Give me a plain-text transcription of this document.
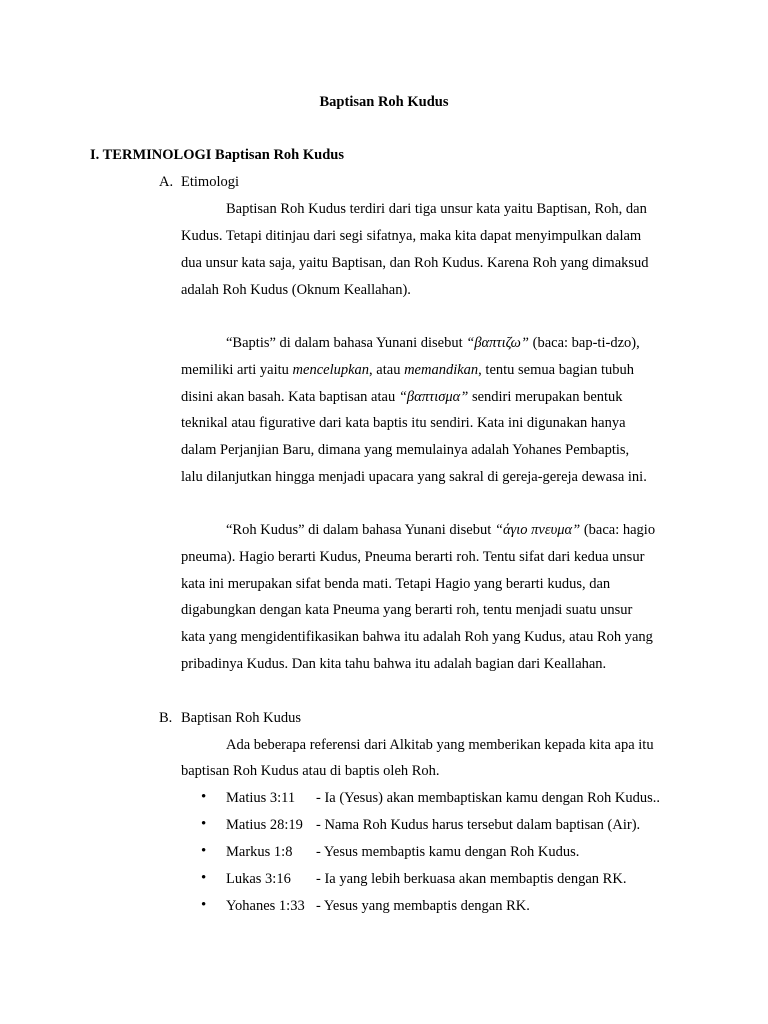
Baptisan Roh Kudus
I. TERMINOLOGI Baptisan Roh Kudus
A. Etimologi
Baptisan Roh Kudus terdiri dari tiga unsur kata yaitu Baptisan, Roh, dan
Kudus. Tetapi ditinjau dari segi sifatnya, maka kita dapat menyimpulkan dalam
dua unsur kata saja, yaitu Baptisan, dan Roh Kudus. Karena Roh yang dimaksud
adalah Roh Kudus (Oknum Keallahan).
“Baptis” di dalam bahasa Yunani disebut “βαπτιζω” (baca: bap-ti-dzo),
memiliki arti yaitu mencelupkan, atau memandikan, tentu semua bagian tubuh
disini akan basah. Kata baptisan atau “βαπτισμα” sendiri merupakan bentuk
teknikal atau figurative dari kata baptis itu sendiri. Kata ini digunakan hanya
dalam Perjanjian Baru, dimana yang memulainya adalah Yohanes Pembaptis,
lalu dilanjutkan hingga menjadi upacara yang sakral di gereja-gereja dewasa ini.
“Roh Kudus” di dalam bahasa Yunani disebut “άγιο πνευμα” (baca: hagio
pneuma). Hagio berarti Kudus, Pneuma berarti roh. Tentu sifat dari kedua unsur
kata ini merupakan sifat benda mati. Tetapi Hagio yang berarti kudus, dan
digabungkan dengan kata Pneuma yang berarti roh, tentu menjadi suatu unsur
kata yang mengidentifikasikan bahwa itu adalah Roh yang Kudus, atau Roh yang
pribadinya Kudus. Dan kita tahu bahwa itu adalah bagian dari Keallahan.
B. Baptisan Roh Kudus
Ada beberapa referensi dari Alkitab yang memberikan kepada kita apa itu
baptisan Roh Kudus atau di baptis oleh Roh.
• Matius 3:11 - Ia (Yesus) akan membaptiskan kamu dengan Roh Kudus..
• Matius 28:19 - Nama Roh Kudus harus tersebut dalam baptisan (Air).
• Markus 1:8 - Yesus membaptis kamu dengan Roh Kudus.
• Lukas 3:16 - Ia yang lebih berkuasa akan membaptis dengan RK.
• Yohanes 1:33 - Yesus yang membaptis dengan RK.
